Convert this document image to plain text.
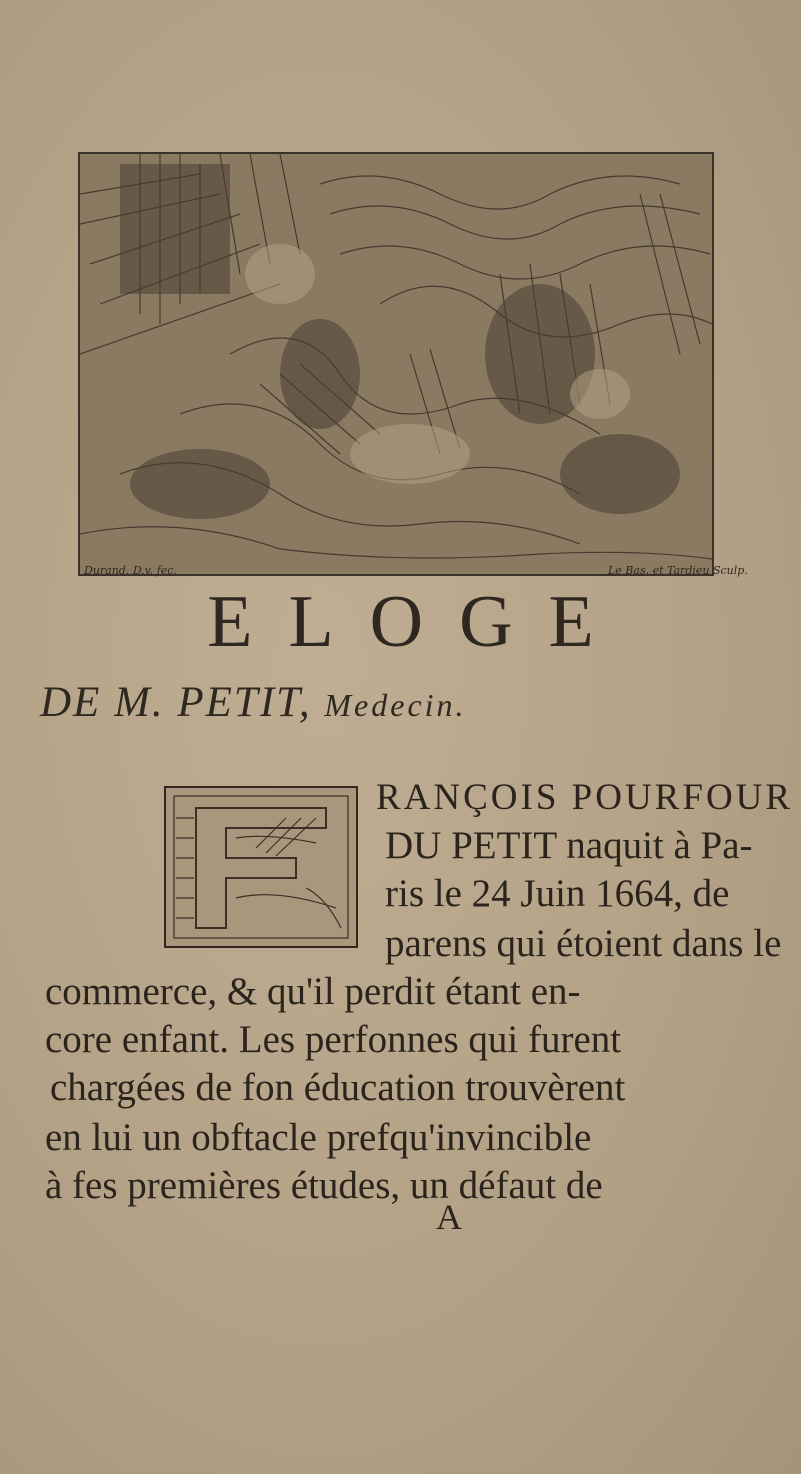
Durand. D.v. fec.	Le Bas. et Tardieu Sculp.

ELOGE
DE M. PETIT, Medecin.

RANÇOIS POURFOUR

DU PETIT naquit à Pa-

ris le 24 Juin 1664, de

parens qui étoient dans le

commerce, & qu'il perdit étant en-

core enfant. Les perfonnes qui furent

chargées de fon éducation trouvèrent

en lui un obftacle prefqu'invincible

à fes premières études, un défaut de

A
